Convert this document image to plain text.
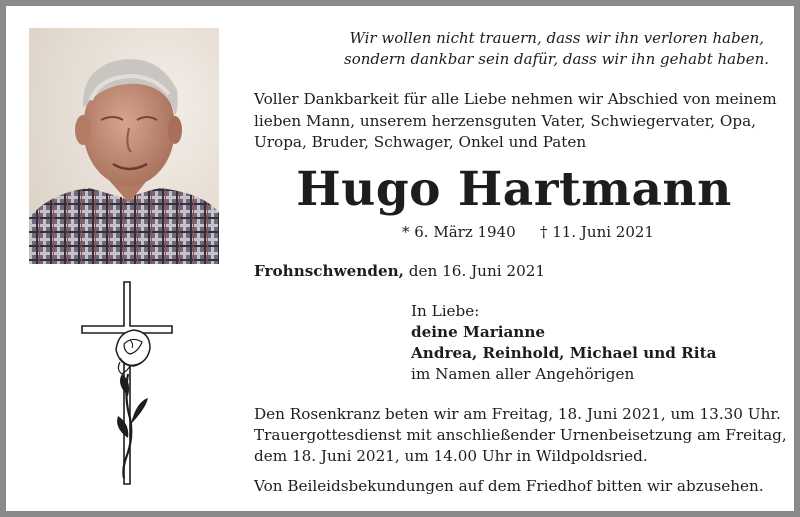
Wir wollen nicht trauern, dass wir ihn verloren haben,
sondern dankbar sein dafür, dass wir ihn gehabt haben.
Voller Dankbarkeit für alle Liebe nehmen wir Abschied von meinem
lieben Mann, unserem herzensguten Vater, Schwiegervater, Opa,
Uropa, Bruder, Schwager, Onkel und Paten
Hugo Hartmann
* 6. März 1940 † 11. Juni 2021
Frohnschwenden, den 16. Juni 2021
In Liebe:
deine Marianne
Andrea, Reinhold, Michael und Rita
im Namen aller Angehörigen
Den Rosenkranz beten wir am Freitag, 18. Juni 2021, um 13.30 Uhr.
Trauergottesdienst mit anschließender Urnenbeisetzung am Freitag,
dem 18. Juni 2021, um 14.00 Uhr in Wildpoldsried.
Von Beileidsbekundungen auf dem Friedhof bitten wir abzusehen.
